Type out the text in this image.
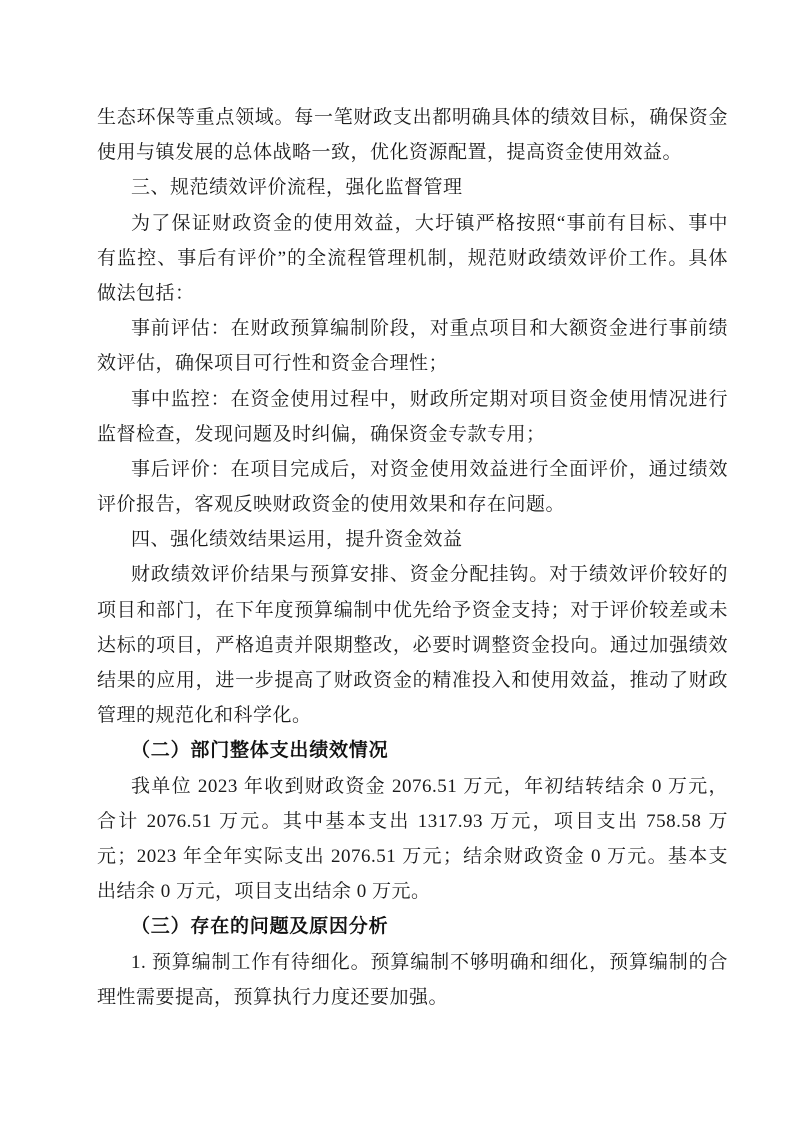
生态环保等重点领域。每一笔财政支出都明确具体的绩效目标，确保资金
使用与镇发展的总体战略一致，优化资源配置，提高资金使用效益。
三、规范绩效评价流程，强化监督管理
为了保证财政资金的使用效益，大圩镇严格按照“事前有目标、事中
有监控、事后有评价”的全流程管理机制，规范财政绩效评价工作。具体
做法包括：
事前评估：在财政预算编制阶段，对重点项目和大额资金进行事前绩
效评估，确保项目可行性和资金合理性；
事中监控：在资金使用过程中，财政所定期对项目资金使用情况进行
监督检查，发现问题及时纠偏，确保资金专款专用；
事后评价：在项目完成后，对资金使用效益进行全面评价，通过绩效
评价报告，客观反映财政资金的使用效果和存在问题。
四、强化绩效结果运用，提升资金效益
财政绩效评价结果与预算安排、资金分配挂钩。对于绩效评价较好的
项目和部门，在下年度预算编制中优先给予资金支持；对于评价较差或未
达标的项目，严格追责并限期整改，必要时调整资金投向。通过加强绩效
结果的应用，进一步提高了财政资金的精准投入和使用效益，推动了财政
管理的规范化和科学化。
（二）部门整体支出绩效情况
我单位 2023 年收到财政资金 2076.51 万元，年初结转结余 0 万元，
合计 2076.51 万元。其中基本支出 1317.93 万元，项目支出 758.58 万
元；2023 年全年实际支出 2076.51 万元；结余财政资金 0 万元。基本支
出结余 0 万元，项目支出结余 0 万元。
（三）存在的问题及原因分析
1. 预算编制工作有待细化。预算编制不够明确和细化，预算编制的合
理性需要提高，预算执行力度还要加强。
